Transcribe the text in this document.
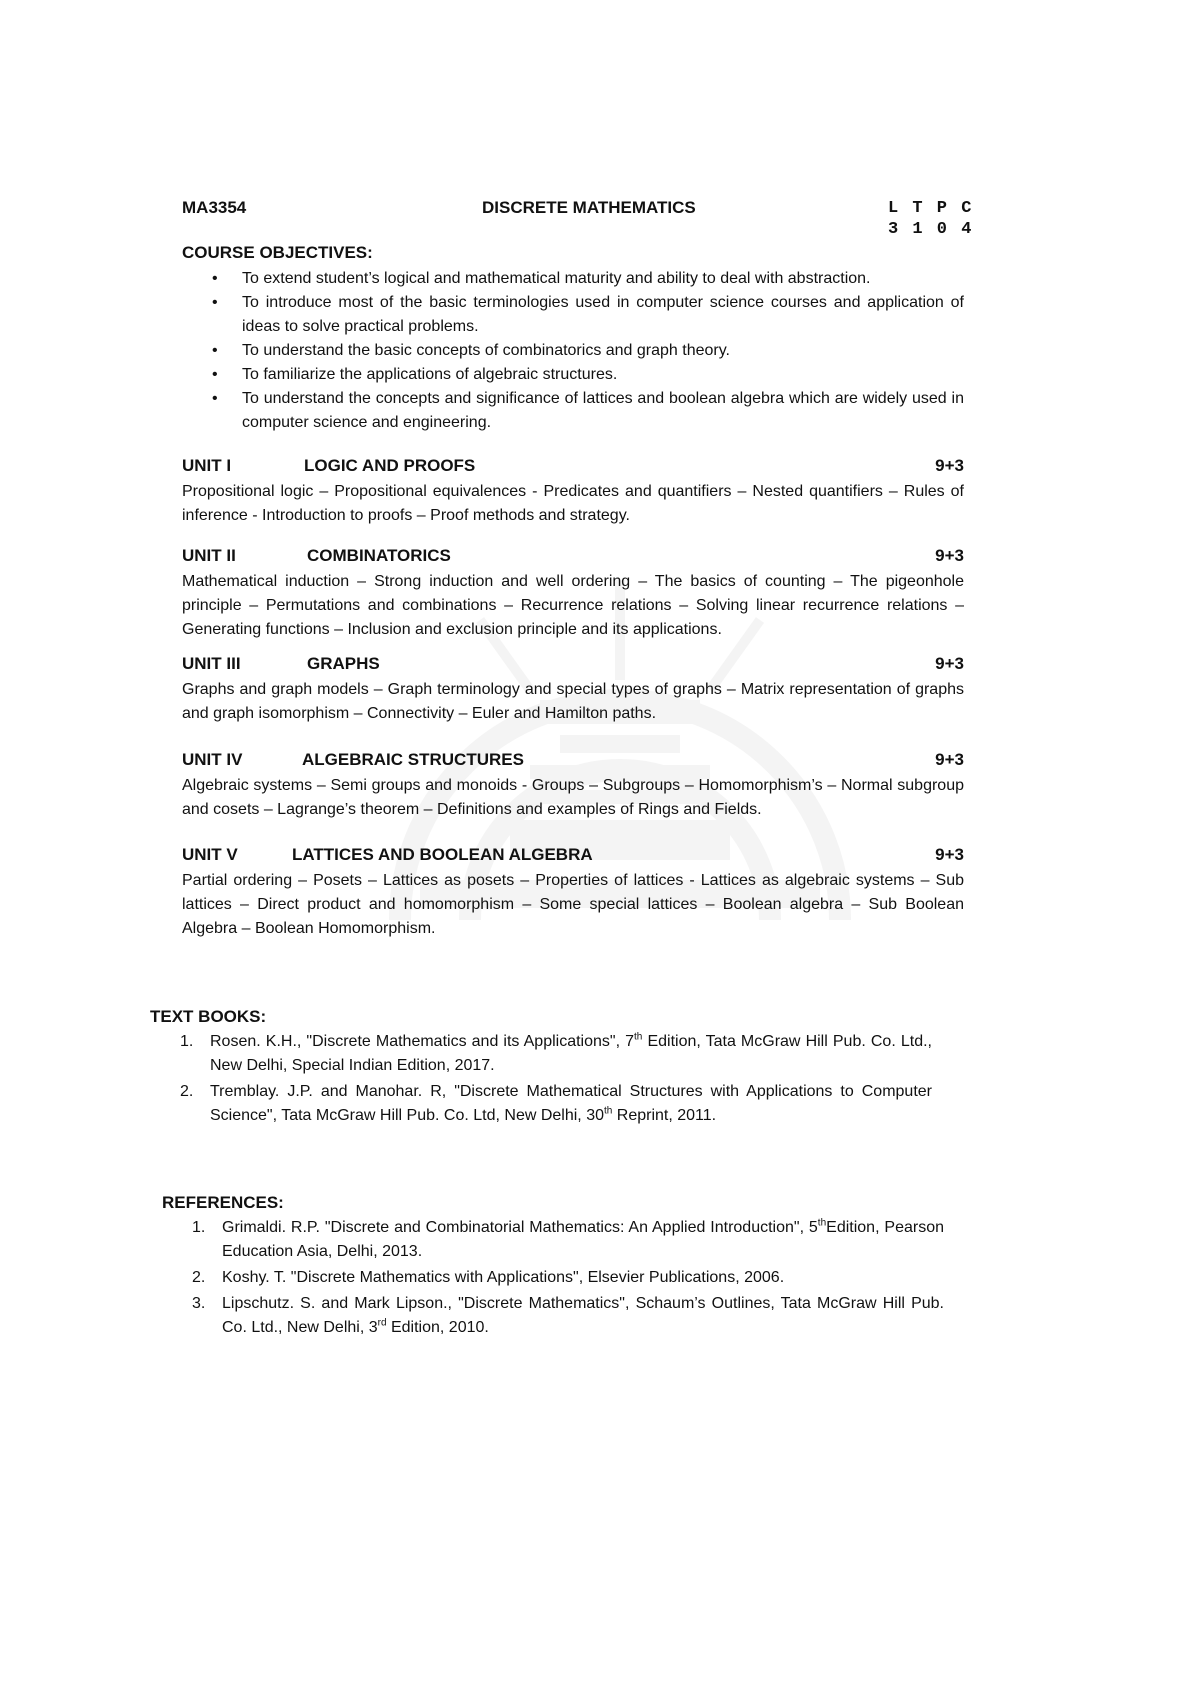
MA3354	DISCRETE MATHEMATICS	L T P C
3 1 0 4
COURSE OBJECTIVES:
• To extend student’s logical and mathematical maturity and ability to deal with abstraction.
• To introduce most of the basic terminologies used in computer science courses and application of ideas to solve practical problems.
• To understand the basic concepts of combinatorics and graph theory.
• To familiarize the applications of algebraic structures.
• To understand the concepts and significance of lattices and boolean algebra which are widely used in computer science and engineering.
UNIT I	LOGIC AND PROOFS	9+3
Propositional logic – Propositional equivalences - Predicates and quantifiers – Nested quantifiers – Rules of inference - Introduction to proofs – Proof methods and strategy.
UNIT II	COMBINATORICS	9+3
Mathematical induction – Strong induction and well ordering – The basics of counting – The pigeonhole principle – Permutations and combinations – Recurrence relations – Solving linear recurrence relations – Generating functions – Inclusion and exclusion principle and its applications.
UNIT III	GRAPHS	9+3
Graphs and graph models – Graph terminology and special types of graphs – Matrix representation of graphs and graph isomorphism – Connectivity – Euler and Hamilton paths.
UNIT IV	ALGEBRAIC STRUCTURES	9+3
Algebraic systems – Semi groups and monoids - Groups – Subgroups – Homomorphism’s – Normal subgroup and cosets – Lagrange’s theorem – Definitions and examples of Rings and Fields.
UNIT V	LATTICES AND BOOLEAN ALGEBRA	9+3
Partial ordering – Posets – Lattices as posets – Properties of lattices - Lattices as algebraic systems – Sub lattices – Direct product and homomorphism – Some special lattices – Boolean algebra – Sub Boolean Algebra – Boolean Homomorphism.
TEXT BOOKS:
1. Rosen. K.H., "Discrete Mathematics and its Applications", 7th Edition, Tata McGraw Hill Pub. Co. Ltd., New Delhi, Special Indian Edition, 2017.
2. Tremblay. J.P. and Manohar. R, "Discrete Mathematical Structures with Applications to Computer Science", Tata McGraw Hill Pub. Co. Ltd, New Delhi, 30th Reprint, 2011.
REFERENCES:
1. Grimaldi. R.P. "Discrete and Combinatorial Mathematics: An Applied Introduction", 5thEdition, Pearson Education Asia, Delhi, 2013.
2. Koshy. T. "Discrete Mathematics with Applications", Elsevier Publications, 2006.
3. Lipschutz. S. and Mark Lipson., "Discrete Mathematics", Schaum’s Outlines, Tata McGraw Hill Pub. Co. Ltd., New Delhi, 3rd Edition, 2010.
